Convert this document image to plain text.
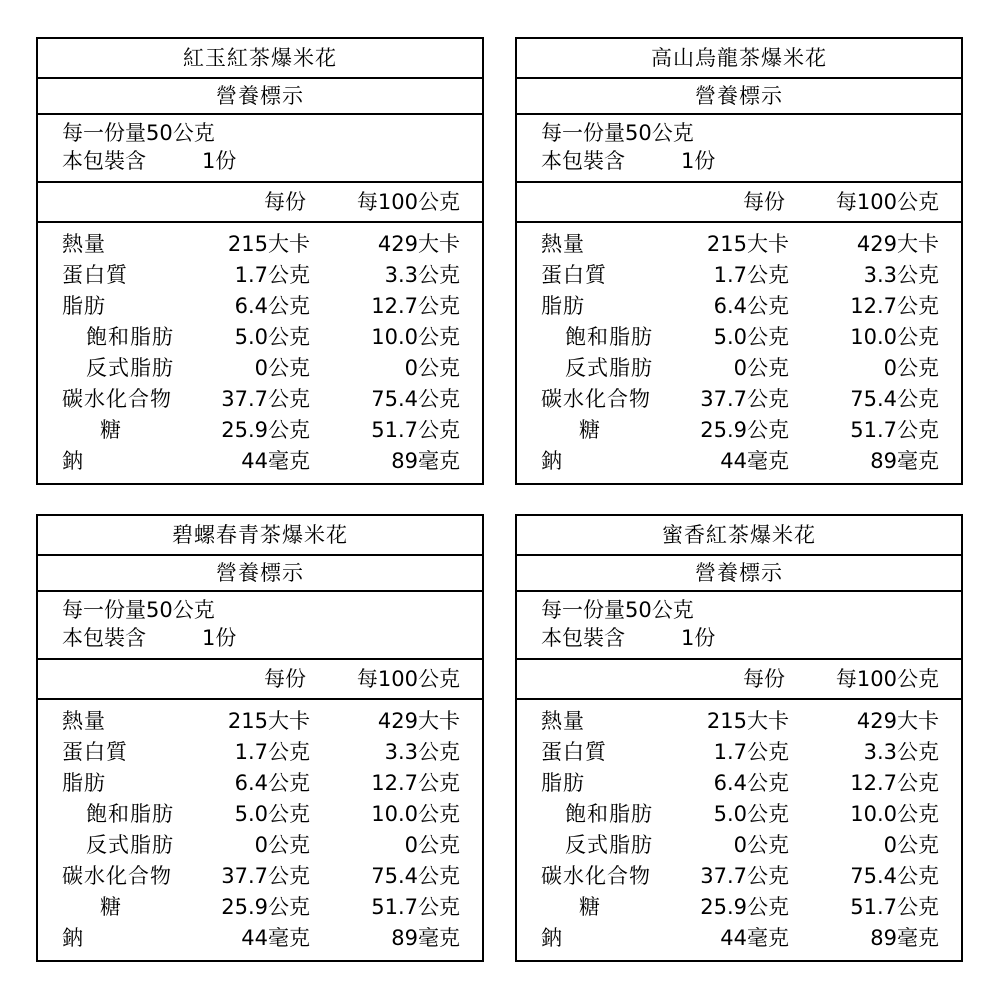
紅玉紅茶爆米花
營養標示
每一份量50公克
本包裝含	1份
每份 每100公克
熱量	215大卡	429大卡
蛋白質	1.7公克	3.3公克
脂肪	6.4公克	12.7公克
飽和脂肪	5.0公克	10.0公克
反式脂肪	0公克	0公克
碳水化合物 37.7公克	75.4公克
糖	25.9公克	51.7公克
鈉	44毫克	89毫克
高山烏龍茶爆米花
營養標示
每一份量50公克
本包裝含	1份
每份 每100公克
熱量	215大卡	429大卡
蛋白質	1.7公克	3.3公克
脂肪	6.4公克	12.7公克
飽和脂肪	5.0公克	10.0公克
反式脂肪	0公克	0公克
碳水化合物 37.7公克	75.4公克
糖	25.9公克	51.7公克
鈉	44毫克	89毫克
碧螺春青茶爆米花
營養標示
每一份量50公克
本包裝含	1份
每份 每100公克
熱量	215大卡	429大卡
蛋白質	1.7公克	3.3公克
脂肪	6.4公克	12.7公克
飽和脂肪	5.0公克	10.0公克
反式脂肪	0公克	0公克
碳水化合物 37.7公克	75.4公克
糖	25.9公克	51.7公克
鈉	44毫克	89毫克
蜜香紅茶爆米花
營養標示
每一份量50公克
本包裝含	1份
每份 每100公克
熱量	215大卡	429大卡
蛋白質	1.7公克	3.3公克
脂肪	6.4公克	12.7公克
飽和脂肪	5.0公克	10.0公克
反式脂肪	0公克	0公克
碳水化合物 37.7公克	75.4公克
糖	25.9公克	51.7公克
鈉	44毫克	89毫克
